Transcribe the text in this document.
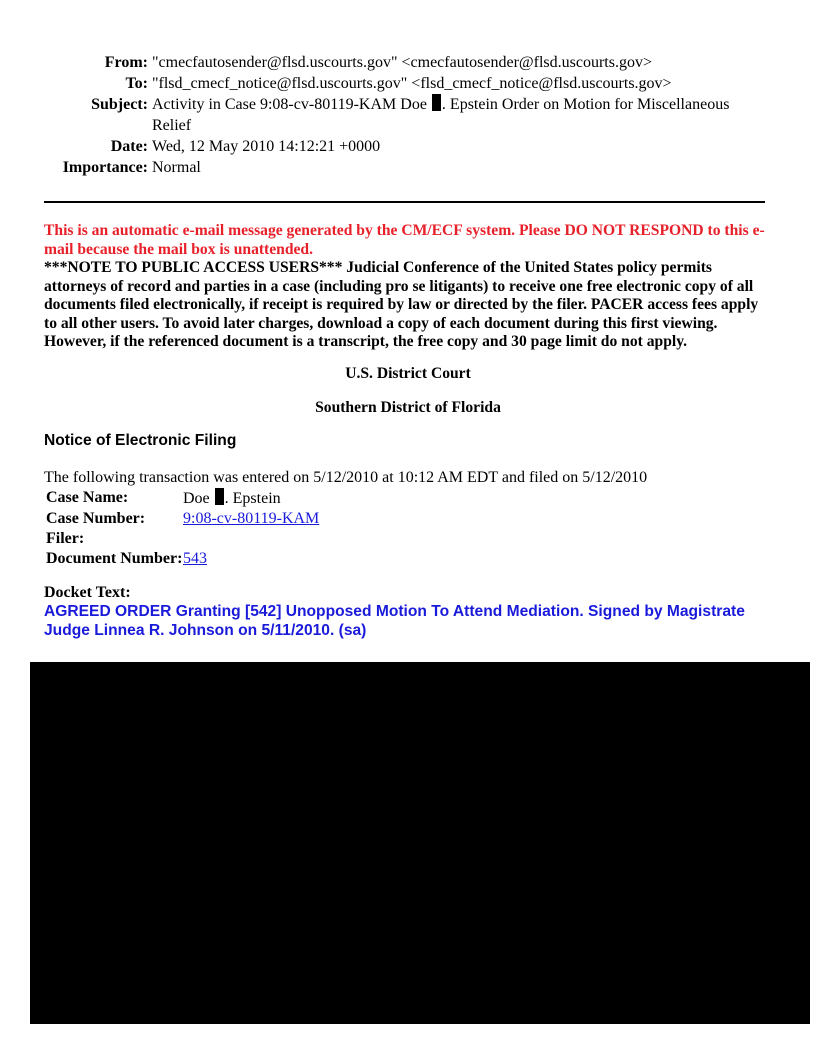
From: "cmecfautosender@flsd.uscourts.gov" <cmecfautosender@flsd.uscourts.gov>
To: "flsd_cmecf_notice@flsd.uscourts.gov" <flsd_cmecf_notice@flsd.uscourts.gov>
Subject: Activity in Case 9:08-cv-80119-KAM Doe . Epstein Order on Motion for Miscellaneous Relief
Date: Wed, 12 May 2010 14:12:21 +0000
Importance: Normal
This is an automatic e-mail message generated by the CM/ECF system. Please DO NOT RESPOND to this e-mail because the mail box is unattended.
***NOTE TO PUBLIC ACCESS USERS*** Judicial Conference of the United States policy permits attorneys of record and parties in a case (including pro se litigants) to receive one free electronic copy of all documents filed electronically, if receipt is required by law or directed by the filer. PACER access fees apply to all other users. To avoid later charges, download a copy of each document during this first viewing. However, if the referenced document is a transcript, the free copy and 30 page limit do not apply.
U.S. District Court
Southern District of Florida
Notice of Electronic Filing
The following transaction was entered on 5/12/2010 at 10:12 AM EDT and filed on 5/12/2010
Case Name:	Doe . Epstein
Case Number:	9:08-cv-80119-KAM
Filer:
Document Number: 543
Docket Text:
AGREED ORDER Granting [542] Unopposed Motion To Attend Mediation. Signed by Magistrate Judge Linnea R. Johnson on 5/11/2010. (sa)
